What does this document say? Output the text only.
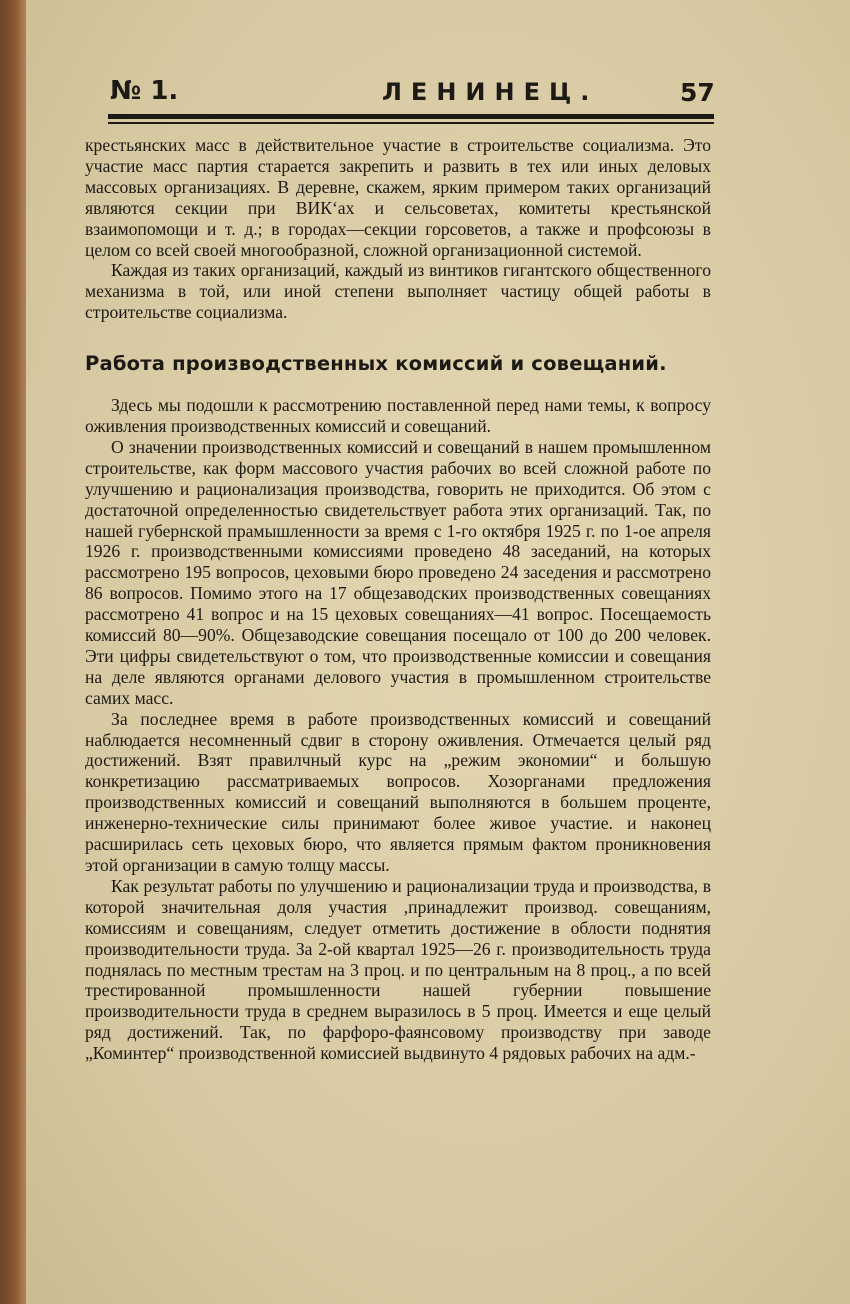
№ 1.	ЛЕНИНЕЦ.	57

крестьянских масс в действительное участие в строительстве социализма. Это участие масс партия старается закрепить и развить в тех или иных деловых массовых организациях. В деревне, скажем, ярким примером таких организаций являются секции при ВИК‘ах и сельсоветах, комитеты крестьянской взаимопомощи и т. д.; в городах—секции горсоветов, а также и профсоюзы в целом со всей своей многообразной, сложной организационной системой.

Каждая из таких организаций, каждый из винтиков гигантского общественного механизма в той, или иной степени выполняет частицу общей работы в строительстве социализма.

Работа производственных комиссий и совещаний.

Здесь мы подошли к рассмотрению поставленной перед нами темы, к вопросу оживления производственных комиссий и совещаний.

О значении производственных комиссий и совещаний в нашем промышленном строительстве, как форм массового участия рабочих во всей сложной работе по улучшению и рационализация производства, говорить не приходится. Об этом с достаточной определенностью свидетельствует работа этих организаций. Так, по нашей губернской прамышленности за время с 1-го октября 1925 г. по 1-ое апреля 1926 г. производственными комиссиями проведено 48 заседаний, на которых рассмотрено 195 вопросов, цеховыми бюро проведено 24 заседения и рассмотрено 86 вопросов. Помимо этого на 17 общезаводских производственных совещаниях рассмотрено 41 вопрос и на 15 цеховых совещаниях—41 вопрос. Посещаемость комиссий 80—90%. Общезаводские совещания посещало от 100 до 200 человек. Эти цифры свидетельствуют о том, что производственные комиссии и совещания на деле являются органами делового участия в промышленном строительстве самих масс.

За последнее время в работе производственных комиссий и совещаний наблюдается несомненный сдвиг в сторону оживления. Отмечается целый ряд достижений. Взят правилчный курс на „режим экономии“ и большую конкретизацию рассматриваемых вопросов. Хозорганами предложения производственных комиссий и совещаний выполняются в большем проценте, инженерно-технические силы принимают более живое участие. и наконец расширилась сеть цеховых бюро, что является прямым фактом проникновения этой организации в самую толщу массы.

Как результат работы по улучшению и рационализации труда и производства, в которой значительная доля участия ,принадлежит производ. совещаниям, комиссиям и совещаниям, следует отметить достижение в облости поднятия производительности труда. За 2-ой квартал 1925—26 г. производительность труда поднялась по местным трестам на 3 проц. и по центральным на 8 проц., а по всей трестированной промышленности нашей губернии повышение производительности труда в среднем выразилось в 5 проц. Имеется и еще целый ряд достижений. Так, по фарфоро-фаянсовому производству при заводе „Коминтер“ производственной комиссией выдвинуто 4 рядовых рабочих на адм.-
